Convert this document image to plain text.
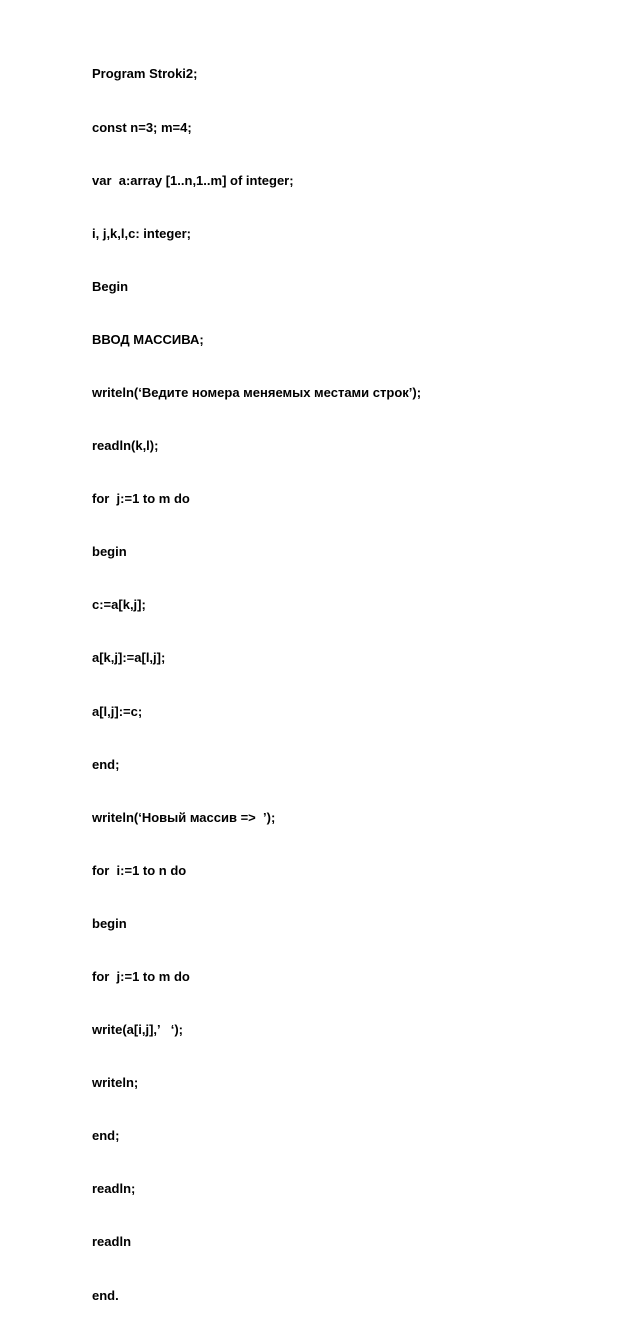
Program Stroki2;

const n=3; m=4;

var  a:array [1..n,1..m] of integer;

i, j,k,l,c: integer;

Begin

ВВОД МАССИВА;

writeln(‘Ведите номера меняемых местами строк’);

readln(k,l);

for  j:=1 to m do

begin

c:=a[k,j];

a[k,j]:=a[l,j];

a[l,j]:=c;

end;

writeln(‘Новый массив =>  ’);

for  i:=1 to n do

begin

for  j:=1 to m do

write(a[i,j],’   ‘);

writeln;

end;

readln;

readln

end.
